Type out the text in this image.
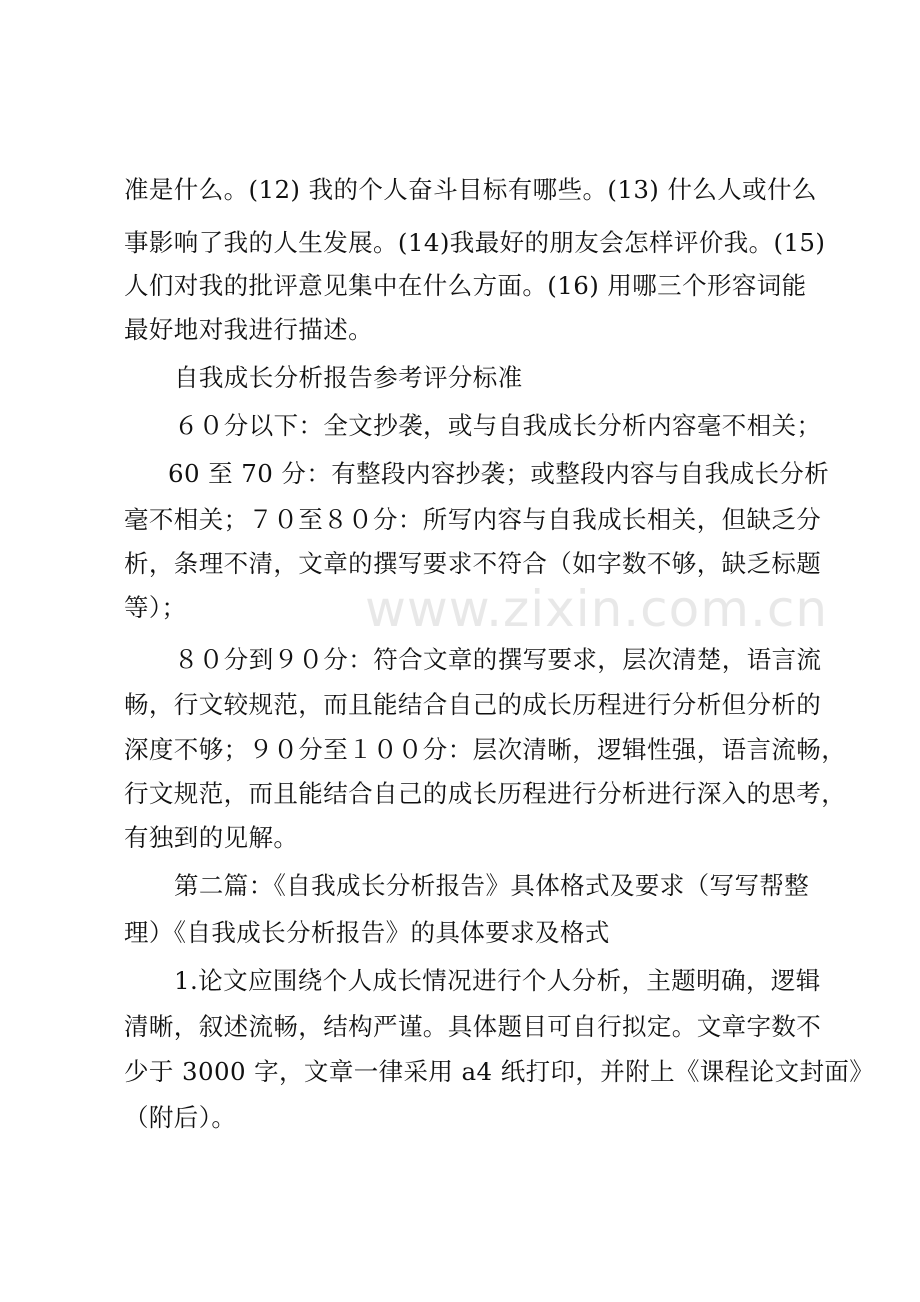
准是什么。(12) 我的个人奋斗目标有哪些。(13) 什么人或什么
事影响了我的人生发展。(14)我最好的朋友会怎样评价我。(15)
人们对我的批评意见集中在什么方面。(16) 用哪三个形容词能
最好地对我进行描述。
自我成长分析报告参考评分标准
６０分以下：全文抄袭，或与自我成长分析内容毫不相关；
60 至 70 分：有整段内容抄袭；或整段内容与自我成长分析
毫不相关；７０至８０分：所写内容与自我成长相关，但缺乏分
析，条理不清，文章的撰写要求不符合（如字数不够，缺乏标题
等）；
８０分到９０分：符合文章的撰写要求，层次清楚，语言流
畅，行文较规范，而且能结合自己的成长历程进行分析但分析的
深度不够；９０分至１００分：层次清晰，逻辑性强，语言流畅，
行文规范，而且能结合自己的成长历程进行分析进行深入的思考，
有独到的见解。
第二篇：《自我成长分析报告》具体格式及要求（写写帮整
理）《自我成长分析报告》的具体要求及格式
1.论文应围绕个人成长情况进行个人分析，主题明确，逻辑
清晰，叙述流畅，结构严谨。具体题目可自行拟定。文章字数不
少于 3000 字，文章一律采用 a4 纸打印，并附上《课程论文封面》
（附后）。
www.zixin.com.cn
